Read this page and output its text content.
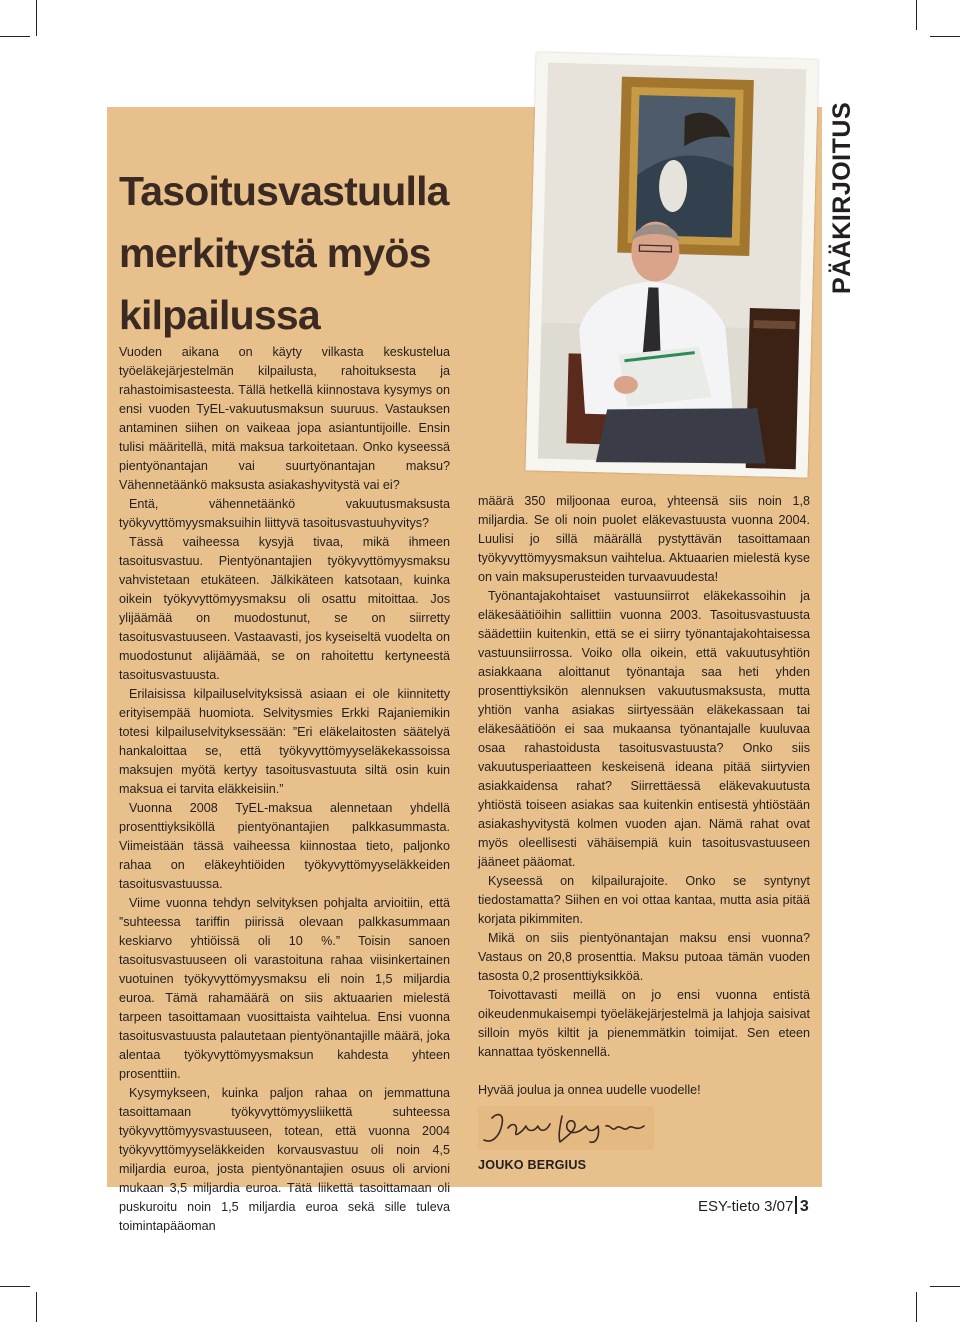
PÄÄKIRJOITUS
Tasoitusvastuulla
merkitystä myös
kilpailussa

Vuoden aikana on käyty vilkasta keskustelua työeläkejärjestelmän kilpailusta, rahoituksesta ja rahastoimisasteesta. Tällä hetkellä kiinnostava kysymys on ensi vuoden TyEL-vakuutusmaksun suuruus. Vastauksen antaminen siihen on vaikeaa jopa asiantuntijoille. Ensin tulisi määritellä, mitä maksua tarkoitetaan. Onko kyseessä pientyönantajan vai suurtyönantajan maksu? Vähennetäänkö maksusta asiakashyvitystä vai ei?

Entä, vähennetäänkö vakuutusmaksusta työkyvyttömyysmaksuihin liittyvä tasoitusvastuuhyvitys?

Tässä vaiheessa kysyjä tivaa, mikä ihmeen tasoitusvastuu. Pientyönantajien työkyvyttömyysmaksu vahvistetaan etukäteen. Jälkikäteen katsotaan, kuinka oikein työkyvyttömyysmaksu oli osattu mitoittaa. Jos ylijäämää on muodostunut, se on siirretty tasoitusvastuuseen. Vastaavasti, jos kyseiseltä vuodelta on muodostunut alijäämää, se on rahoitettu kertyneestä tasoitusvastuusta.

Erilaisissa kilpailuselvityksissä asiaan ei ole kiinnitetty erityisempää huomiota. Selvitysmies Erkki Rajaniemikin totesi kilpailuselvityksessään: ”Eri eläkelaitosten säätelyä hankaloittaa se, että työkyvyttömyyseläkekassoissa maksujen myötä kertyy tasoitusvastuuta siltä osin kuin maksua ei tarvita eläkkeisiin.”

Vuonna 2008 TyEL-maksua alennetaan yhdellä prosenttiyksiköllä pientyönantajien palkkasummasta. Viimeistään tässä vaiheessa kiinnostaa tieto, paljonko rahaa on eläkeyhtiöiden työkyvyttömyyseläkkeiden tasoitusvastuussa.

Viime vuonna tehdyn selvityksen pohjalta arvioitiin, että ”suhteessa tariffin piirissä olevaan palkkasummaan keskiarvo yhtiöissä oli 10 %.” Toisin sanoen tasoitusvastuuseen oli varastoituna rahaa viisinkertainen vuotuinen työkyvyttömyysmaksu eli noin 1,5 miljardia euroa. Tämä rahamäärä on siis aktuaarien mielestä tarpeen tasoittamaan vuosittaista vaihtelua. Ensi vuonna tasoitusvastuusta palautetaan pientyönantajille määrä, joka alentaa työkyvyttömyysmaksun kahdesta yhteen prosenttiin.

Kysymykseen, kuinka paljon rahaa on jemmattuna tasoittamaan työkyvyttömyysliikettä suhteessa työkyvyttömyysvastuuseen, totean, että vuonna 2004 työkyvyttömyyseläkkeiden korvausvastuu oli noin 4,5 miljardia euroa, josta pientyönantajien osuus oli arvioni mukaan 3,5 miljardia euroa. Tätä liikettä tasoittamaan oli puskuroitu noin 1,5 miljardia euroa sekä sille tuleva toimintapääoman

määrä 350 miljoonaa euroa, yhteensä siis noin 1,8 miljardia. Se oli noin puolet eläkevastuusta vuonna 2004. Luulisi jo sillä määrällä pystyttävän tasoittamaan työkyvyttömyysmaksun vaihtelua. Aktuaarien mielestä kyse on vain maksuperusteiden turvaavuudesta!

Työnantajakohtaiset vastuunsiirrot eläkekassoihin ja eläkesäätiöihin sallittiin vuonna 2003. Tasoitusvastuusta säädettiin kuitenkin, että se ei siirry työnantajakohtaisessa vastuunsiirrossa. Voiko olla oikein, että vakuutusyhtiön asiakkaana aloittanut työnantaja saa heti yhden prosenttiyksikön alennuksen vakuutusmaksusta, mutta yhtiön vanha asiakas siirtyessään eläkekassaan tai eläkesäätiöön ei saa mukaansa työnantajalle kuuluvaa osaa rahastoidusta tasoitusvastuusta? Onko siis vakuutusperiaatteen keskeisenä ideana pitää siirtyvien asiakkaidensa rahat? Siirrettäessä eläkevakuutusta yhtiöstä toiseen asiakas saa kuitenkin entisestä yhtiöstään asiakashyvitystä kolmen vuoden ajan. Nämä rahat ovat myös oleellisesti vähäisempiä kuin tasoitusvastuuseen jääneet pääomat.

Kyseessä on kilpailurajoite. Onko se syntynyt tiedostamatta? Siihen en voi ottaa kantaa, mutta asia pitää korjata pikimmiten.

Mikä on siis pientyönantajan maksu ensi vuonna? Vastaus on 20,8 prosenttia. Maksu putoaa tämän vuoden tasosta 0,2 prosenttiyksikköä.

Toivottavasti meillä on jo ensi vuonna entistä oikeudenmukaisempi työeläkejärjestelmä ja lahjoja saisivat silloin myös kiltit ja pienemmätkin toimijat. Sen eteen kannattaa työskennellä.

Hyvää joulua ja onnea uudelle vuodelle!

JOUKO BERGIUS

ESY-tieto 3/07 3
